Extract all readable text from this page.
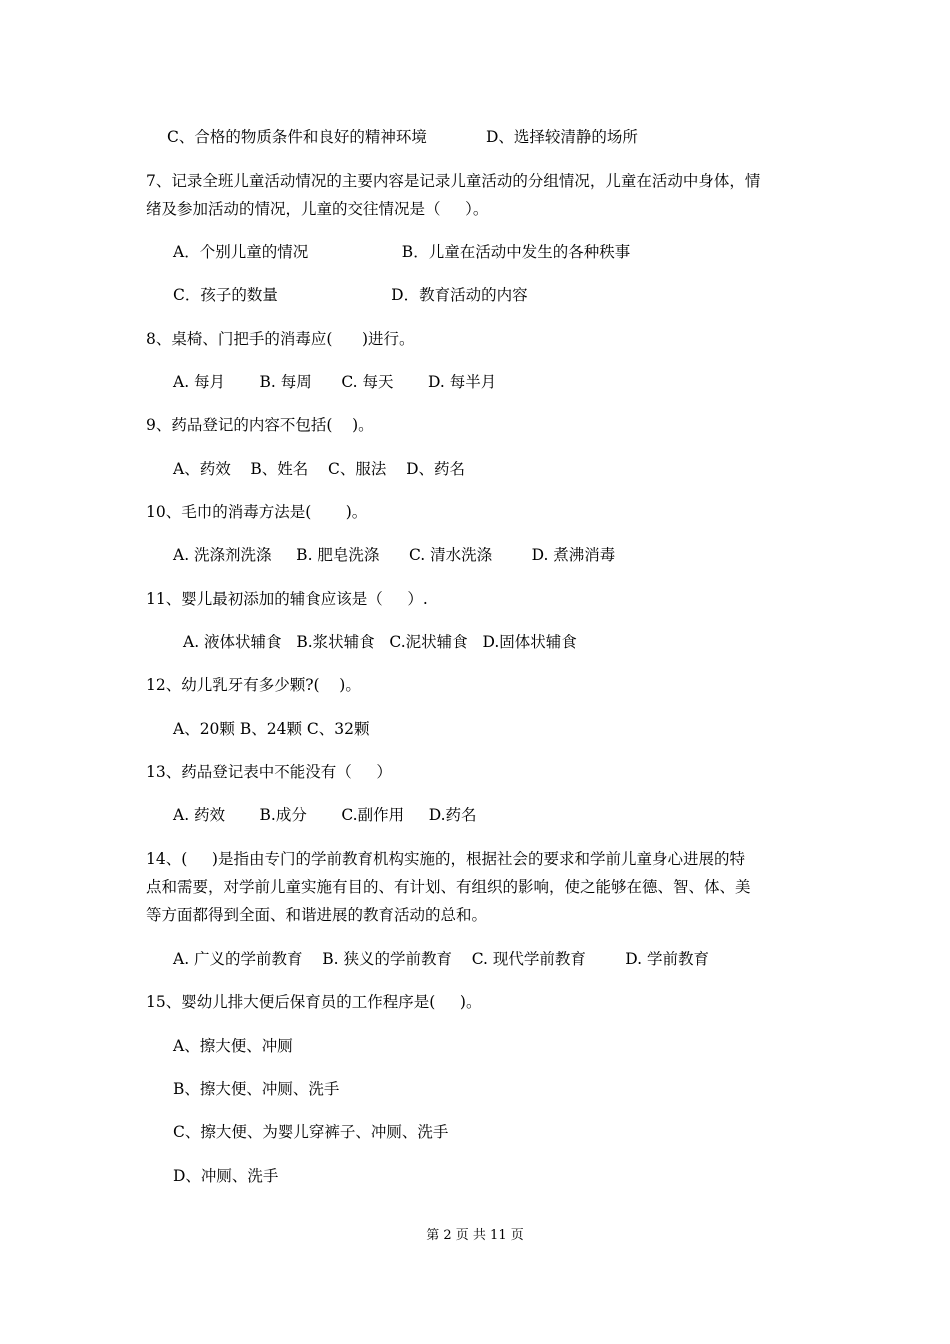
C、合格的物质条件和良好的精神环境            D、选择较清静的场所
7、记录全班儿童活动情况的主要内容是记录儿童活动的分组情况，儿童在活动中身体，情
绪及参加活动的情况，儿童的交往情况是（     ）。
A．个别儿童的情况                   B．儿童在活动中发生的各种秩事
C．孩子的数量                       D．教育活动的内容
8、桌椅、门把手的消毒应(      )进行。
A. 每月       B. 每周      C. 每天       D. 每半月
9、药品登记的内容不包括(    )。
A、药效    B、姓名    C、服法    D、药名
10、毛巾的消毒方法是(       )。
A. 洗涤剂洗涤     B. 肥皂洗涤      C. 清水洗涤        D. 煮沸消毒
11、婴儿最初添加的辅食应该是（     ）.
A. 液体状辅食   B.浆状辅食   C.泥状辅食   D.固体状辅食
12、幼儿乳牙有多少颗?(    )。
A、20颗 B、24颗 C、32颗
13、药品登记表中不能没有（     ）
A. 药效       B.成分       C.副作用     D.药名
14、(     )是指由专门的学前教育机构实施的，根据社会的要求和学前儿童身心进展的特
点和需要，对学前儿童实施有目的、有计划、有组织的影响，使之能够在德、智、体、美
等方面都得到全面、和谐进展的教育活动的总和。
A. 广义的学前教育    B. 狭义的学前教育    C. 现代学前教育        D. 学前教育
15、婴幼儿排大便后保育员的工作程序是(     )。
A、擦大便、冲厕
B、擦大便、冲厕、洗手
C、擦大便、为婴儿穿裤子、冲厕、洗手
D、冲厕、洗手
第 2 页 共 11 页
